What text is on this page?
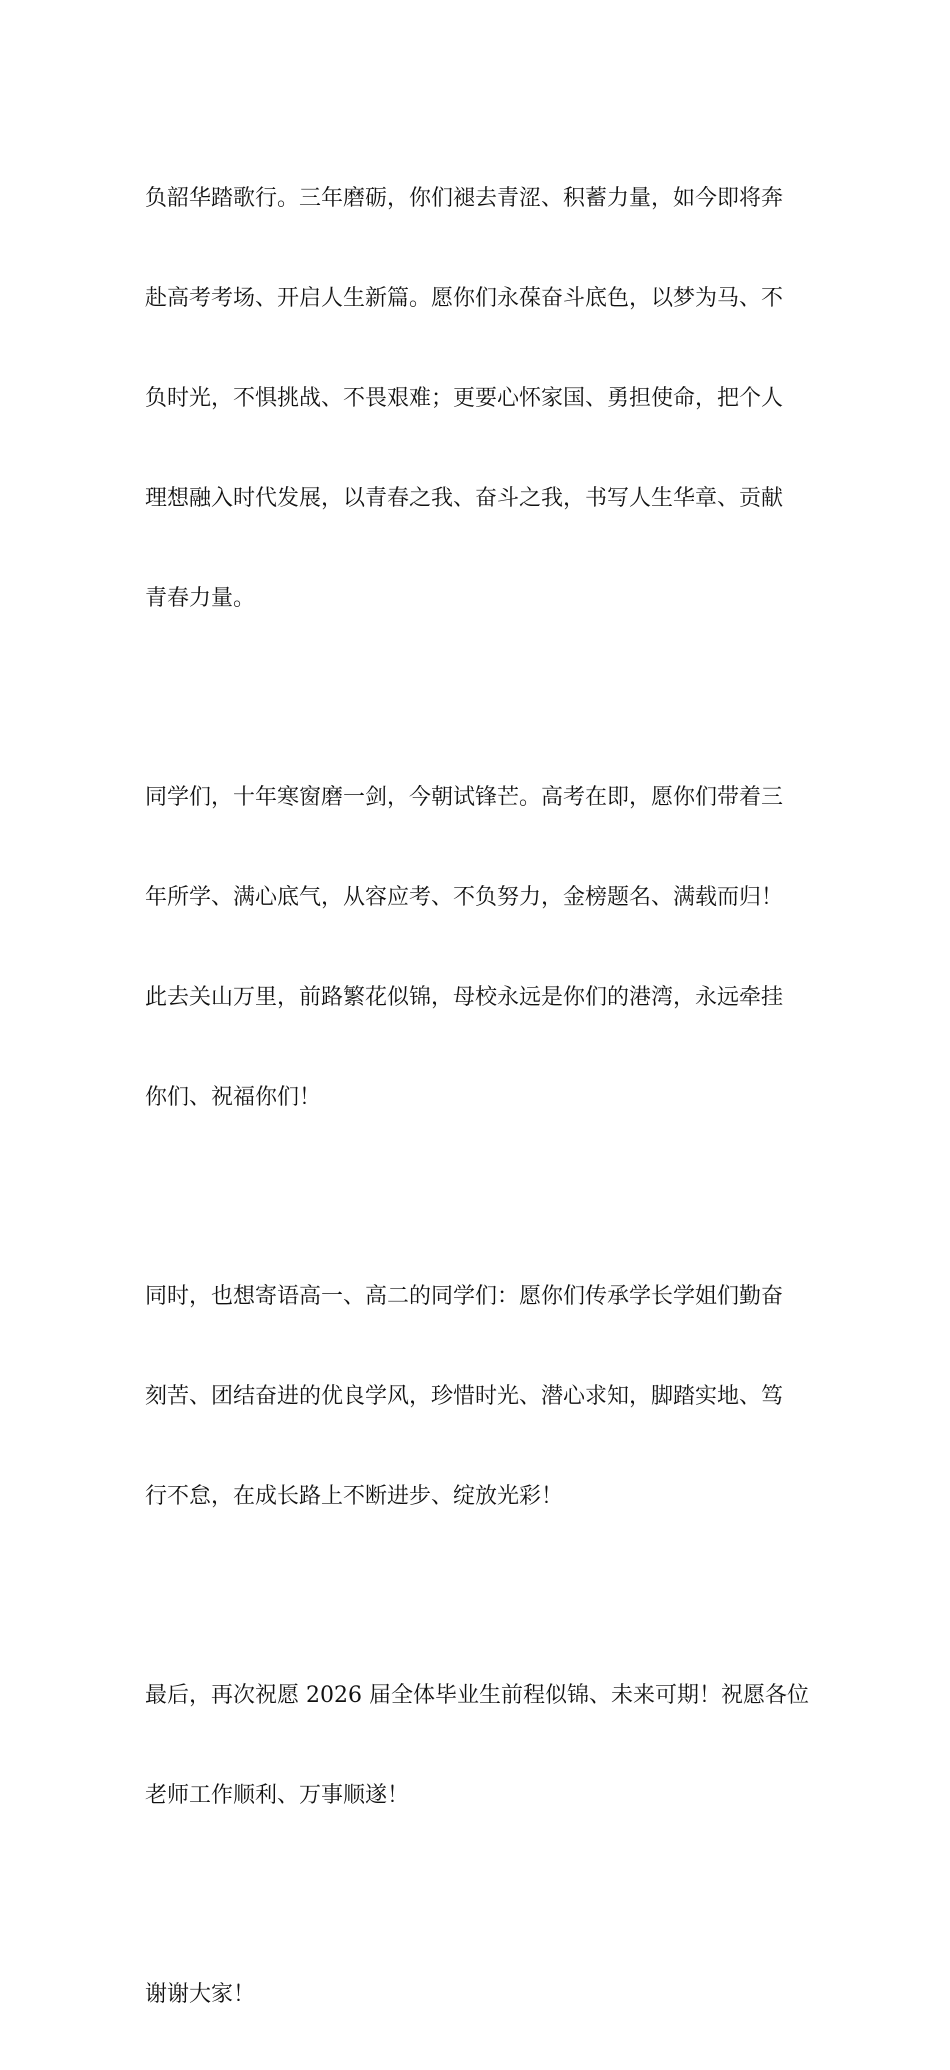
负韶华踏歌行。三年磨砺，你们褪去青涩、积蓄力量，如今即将奔

赴高考考场、开启人生新篇。愿你们永葆奋斗底色，以梦为马、不

负时光，不惧挑战、不畏艰难；更要心怀家国、勇担使命，把个人

理想融入时代发展，以青春之我、奋斗之我，书写人生华章、贡献

青春力量。

同学们，十年寒窗磨一剑，今朝试锋芒。高考在即，愿你们带着三

年所学、满心底气，从容应考、不负努力，金榜题名、满载而归！

此去关山万里，前路繁花似锦，母校永远是你们的港湾，永远牵挂

你们、祝福你们！

同时，也想寄语高一、高二的同学们：愿你们传承学长学姐们勤奋

刻苦、团结奋进的优良学风，珍惜时光、潜心求知，脚踏实地、笃

行不怠，在成长路上不断进步、绽放光彩！

最后，再次祝愿 2026 届全体毕业生前程似锦、未来可期！祝愿各位

老师工作顺利、万事顺遂！

谢谢大家！
